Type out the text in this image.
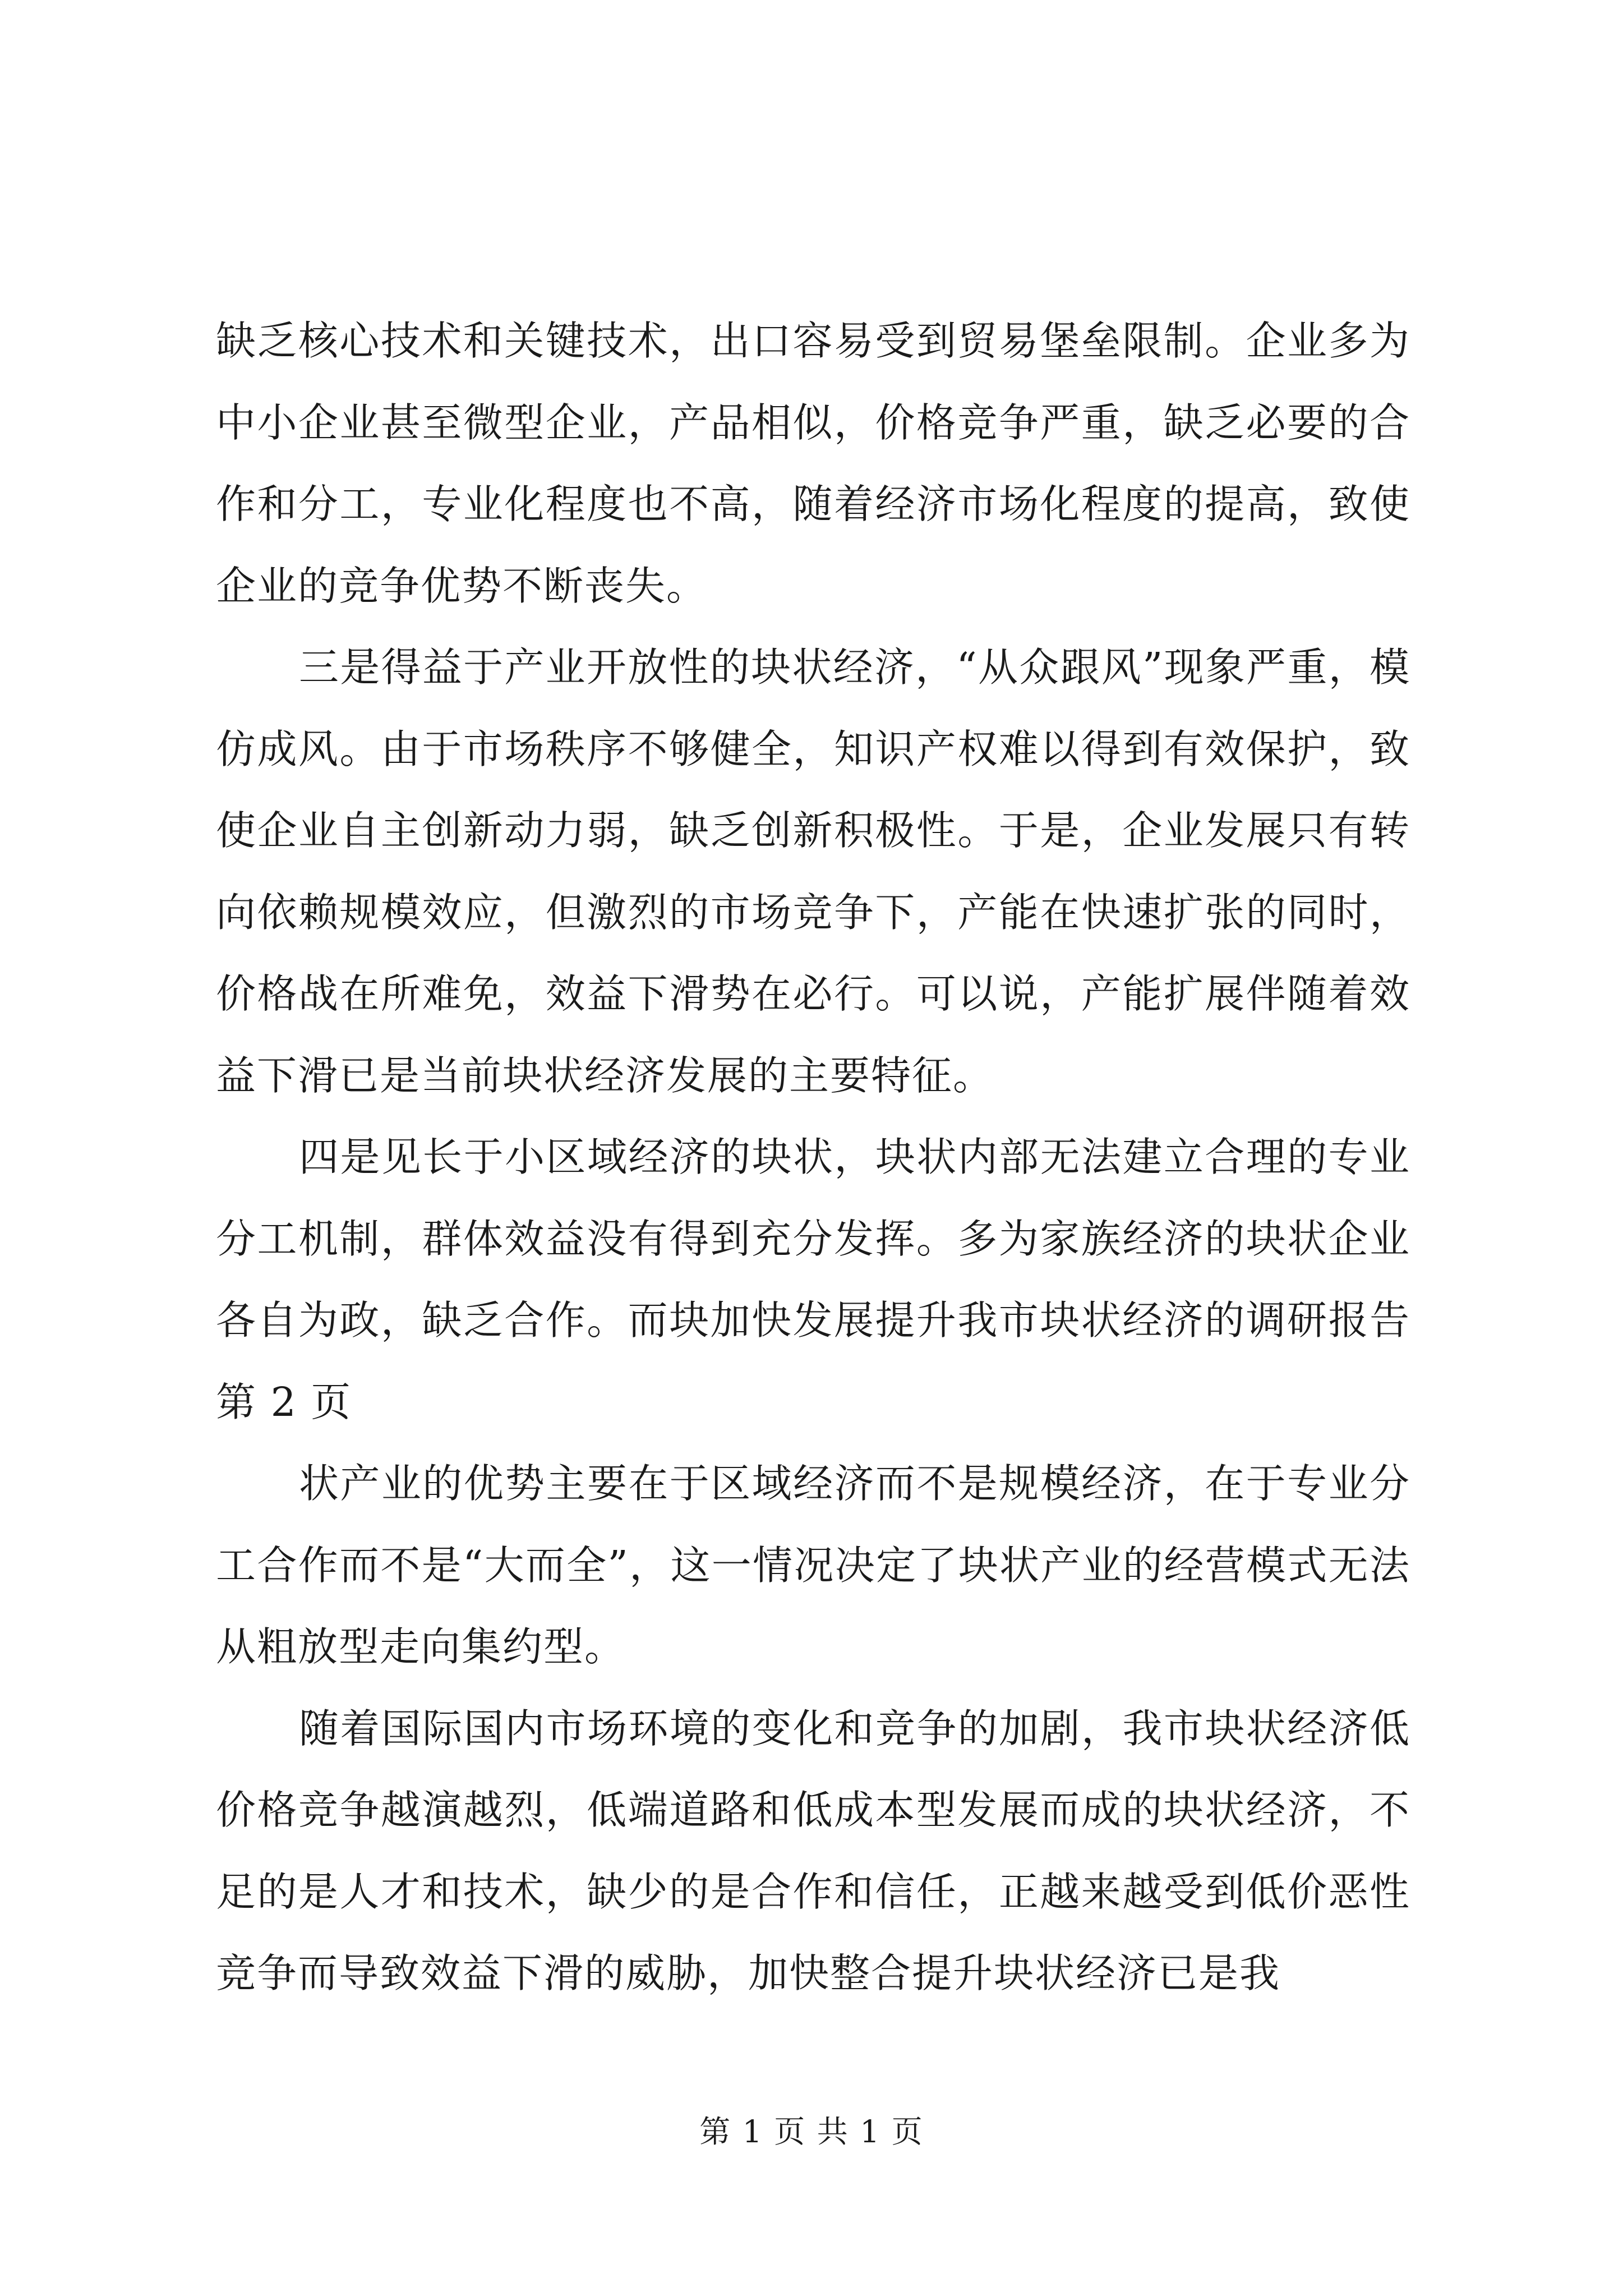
缺乏核心技术和关键技术，出口容易受到贸易堡垒限制。企业多为中小企业甚至微型企业，产品相似，价格竞争严重，缺乏必要的合作和分工，专业化程度也不高，随着经济市场化程度的提高，致使企业的竞争优势不断丧失。

三是得益于产业开放性的块状经济，“从众跟风”现象严重，模仿成风。由于市场秩序不够健全，知识产权难以得到有效保护，致使企业自主创新动力弱，缺乏创新积极性。于是，企业发展只有转向依赖规模效应，但激烈的市场竞争下，产能在快速扩张的同时，价格战在所难免，效益下滑势在必行。可以说，产能扩展伴随着效益下滑已是当前块状经济发展的主要特征。

四是见长于小区域经济的块状，块状内部无法建立合理的专业分工机制，群体效益没有得到充分发挥。多为家族经济的块状企业各自为政，缺乏合作。而块加快发展提升我市块状经济的调研报告第 2 页

状产业的优势主要在于区域经济而不是规模经济，在于专业分工合作而不是“大而全”，这一情况决定了块状产业的经营模式无法从粗放型走向集约型。

随着国际国内市场环境的变化和竞争的加剧，我市块状经济低价格竞争越演越烈，低端道路和低成本型发展而成的块状经济，不足的是人才和技术，缺少的是合作和信任，正越来越受到低价恶性竞争而导致效益下滑的威胁，加快整合提升块状经济已是我

第 1 页 共 1 页
